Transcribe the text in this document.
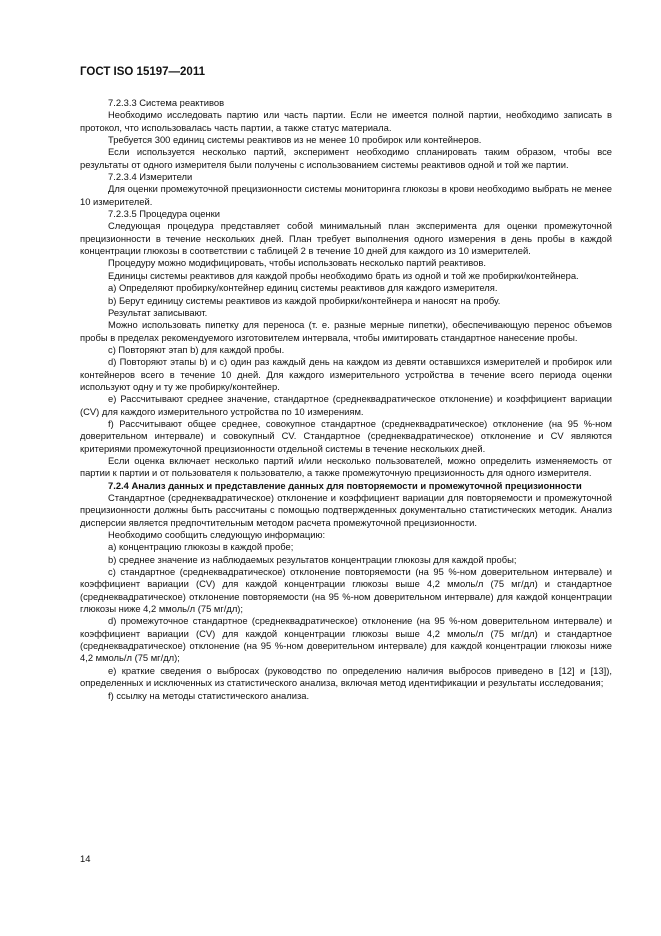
ГОСТ ISO 15197—2011

7.2.3.3 Система реактивов

Необходимо исследовать партию или часть партии. Если не имеется полной партии, необходимо записать в протокол, что использовалась часть партии, а также статус материала.

Требуется 300 единиц системы реактивов из не менее 10 пробирок или контейнеров.

Если используется несколько партий, эксперимент необходимо спланировать таким образом, чтобы все результаты от одного измерителя были получены с использованием системы реактивов одной и той же партии.

7.2.3.4 Измерители

Для оценки промежуточной прецизионности системы мониторинга глюкозы в крови необходимо выбрать не менее 10 измерителей.

7.2.3.5 Процедура оценки

Следующая процедура представляет собой минимальный план эксперимента для оценки промежуточной прецизионности в течение нескольких дней. План требует выполнения одного измерения в день пробы в каждой концентрации глюкозы в соответствии с таблицей 2 в течение 10 дней для каждого из 10 измерителей.

Процедуру можно модифицировать, чтобы использовать несколько партий реактивов.

Единицы системы реактивов для каждой пробы необходимо брать из одной и той же пробирки/контейнера.

a) Определяют пробирку/контейнер единиц системы реактивов для каждого измерителя.

b) Берут единицу системы реактивов из каждой пробирки/контейнера и наносят на пробу.

Результат записывают.

Можно использовать пипетку для переноса (т. е. разные мерные пипетки), обеспечивающую перенос объемов пробы в пределах рекомендуемого изготовителем интервала, чтобы имитировать стандартное нанесение пробы.

c) Повторяют этап b) для каждой пробы.

d) Повторяют этапы b) и c) один раз каждый день на каждом из девяти оставшихся измерителей и пробирок или контейнеров всего в течение 10 дней. Для каждого измерительного устройства в течение всего периода оценки используют одну и ту же пробирку/контейнер.

e) Рассчитывают среднее значение, стандартное (среднеквадратическое отклонение) и коэффициент вариации (CV) для каждого измерительного устройства по 10 измерениям.

f) Рассчитывают общее среднее, совокупное стандартное (среднеквадратическое) отклонение (на 95 %-ном доверительном интервале) и совокупный CV. Стандартное (среднеквадратическое) отклонение и CV являются критериями промежуточной прецизионности отдельной системы в течение нескольких дней.

Если оценка включает несколько партий и/или несколько пользователей, можно определить изменяемость от партии к партии и от пользователя к пользователю, а также промежуточную прецизионность для одного измерителя.

7.2.4 Анализ данных и представление данных для повторяемости и промежуточной прецизионности

Стандартное (среднеквадратическое) отклонение и коэффициент вариации для повторяемости и промежуточной прецизионности должны быть рассчитаны с помощью подтвержденных документально статистических методик. Анализ дисперсии является предпочтительным методом расчета промежуточной прецизионности.

Необходимо сообщить следующую информацию:

a) концентрацию глюкозы в каждой пробе;

b) среднее значение из наблюдаемых результатов концентрации глюкозы для каждой пробы;

c) стандартное (среднеквадратическое) отклонение повторяемости (на 95 %-ном доверительном интервале) и коэффициент вариации (CV) для каждой концентрации глюкозы выше 4,2 ммоль/л (75 мг/дл) и стандартное (среднеквадратическое) отклонение повторяемости (на 95 %-ном доверительном интервале) для каждой концентрации глюкозы ниже 4,2 ммоль/л (75 мг/дл);

d) промежуточное стандартное (среднеквадратическое) отклонение (на 95 %-ном доверительном интервале) и коэффициент вариации (CV) для каждой концентрации глюкозы выше 4,2 ммоль/л (75 мг/дл) и стандартное (среднеквадратическое) отклонение (на 95 %-ном доверительном интервале) для каждой концентрации глюкозы ниже 4,2 ммоль/л (75 мг/дл);

e) краткие сведения о выбросах (руководство по определению наличия выбросов приведено в [12] и [13]), определенных и исключенных из статистического анализа, включая метод идентификации и результаты исследования;

f) ссылку на методы статистического анализа.

14
